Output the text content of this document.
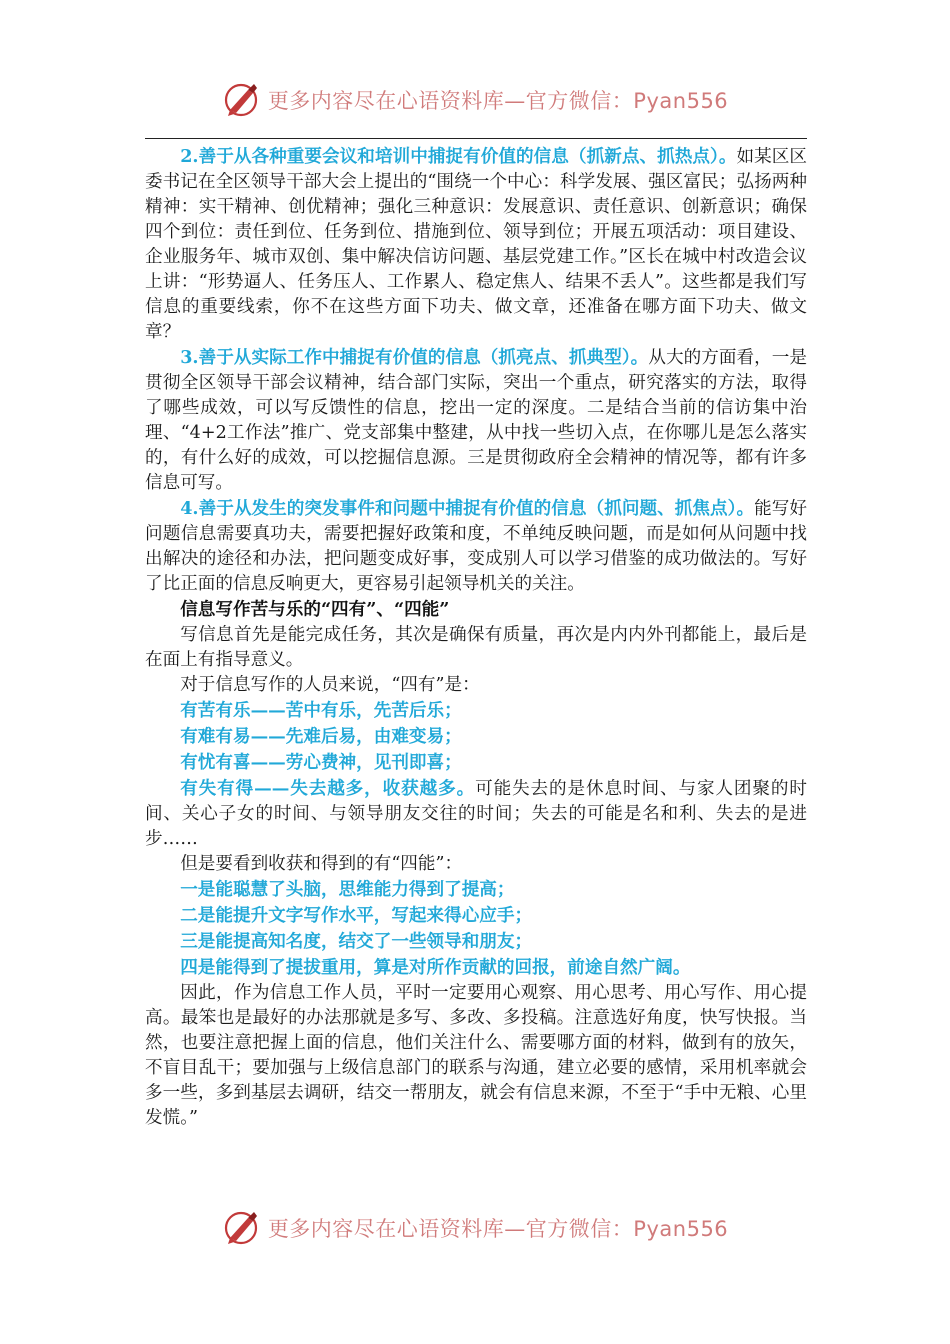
更多内容尽在心语资料库—官方微信：Pyan556

2.善于从各种重要会议和培训中捕捉有价值的信息（抓新点、抓热点）。如某区区委书记在全区领导干部大会上提出的“围绕一个中心：科学发展、强区富民；弘扬两种精神：实干精神、创优精神；强化三种意识：发展意识、责任意识、创新意识；确保四个到位：责任到位、任务到位、措施到位、领导到位；开展五项活动：项目建设、企业服务年、城市双创、集中解决信访问题、基层党建工作。”区长在城中村改造会议上讲：“形势逼人、任务压人、工作累人、稳定焦人、结果不丢人”。这些都是我们写信息的重要线索，你不在这些方面下功夫、做文章，还准备在哪方面下功夫、做文章？

3.善于从实际工作中捕捉有价值的信息（抓亮点、抓典型）。从大的方面看，一是贯彻全区领导干部会议精神，结合部门实际，突出一个重点，研究落实的方法，取得了哪些成效，可以写反馈性的信息，挖出一定的深度。二是结合当前的信访集中治理、“4+2工作法”推广、党支部集中整建，从中找一些切入点，在你哪儿是怎么落实的，有什么好的成效，可以挖掘信息源。三是贯彻政府全会精神的情况等，都有许多信息可写。

4.善于从发生的突发事件和问题中捕捉有价值的信息（抓问题、抓焦点）。能写好问题信息需要真功夫，需要把握好政策和度，不单纯反映问题，而是如何从问题中找出解决的途径和办法，把问题变成好事，变成别人可以学习借鉴的成功做法的。写好了比正面的信息反响更大，更容易引起领导机关的关注。

信息写作苦与乐的“四有”、“四能”

写信息首先是能完成任务，其次是确保有质量，再次是内内外刊都能上，最后是在面上有指导意义。

对于信息写作的人员来说，“四有”是：

有苦有乐——苦中有乐，先苦后乐；

有难有易——先难后易，由难变易；

有忧有喜——劳心费神，见刊即喜；

有失有得——失去越多，收获越多。可能失去的是休息时间、与家人团聚的时间、关心子女的时间、与领导朋友交往的时间；失去的可能是名和利、失去的是进步……

但是要看到收获和得到的有“四能”：

一是能聪慧了头脑，思维能力得到了提高；

二是能提升文字写作水平，写起来得心应手；

三是能提高知名度，结交了一些领导和朋友；

四是能得到了提拔重用，算是对所作贡献的回报，前途自然广阔。

因此，作为信息工作人员，平时一定要用心观察、用心思考、用心写作、用心提高。最笨也是最好的办法那就是多写、多改、多投稿。注意选好角度，快写快报。当然，也要注意把握上面的信息，他们关注什么、需要哪方面的材料，做到有的放矢，不盲目乱干；要加强与上级信息部门的联系与沟通，建立必要的感情，采用机率就会多一些，多到基层去调研，结交一帮朋友，就会有信息来源，不至于“手中无粮、心里发慌。”

更多内容尽在心语资料库—官方微信：Pyan556
